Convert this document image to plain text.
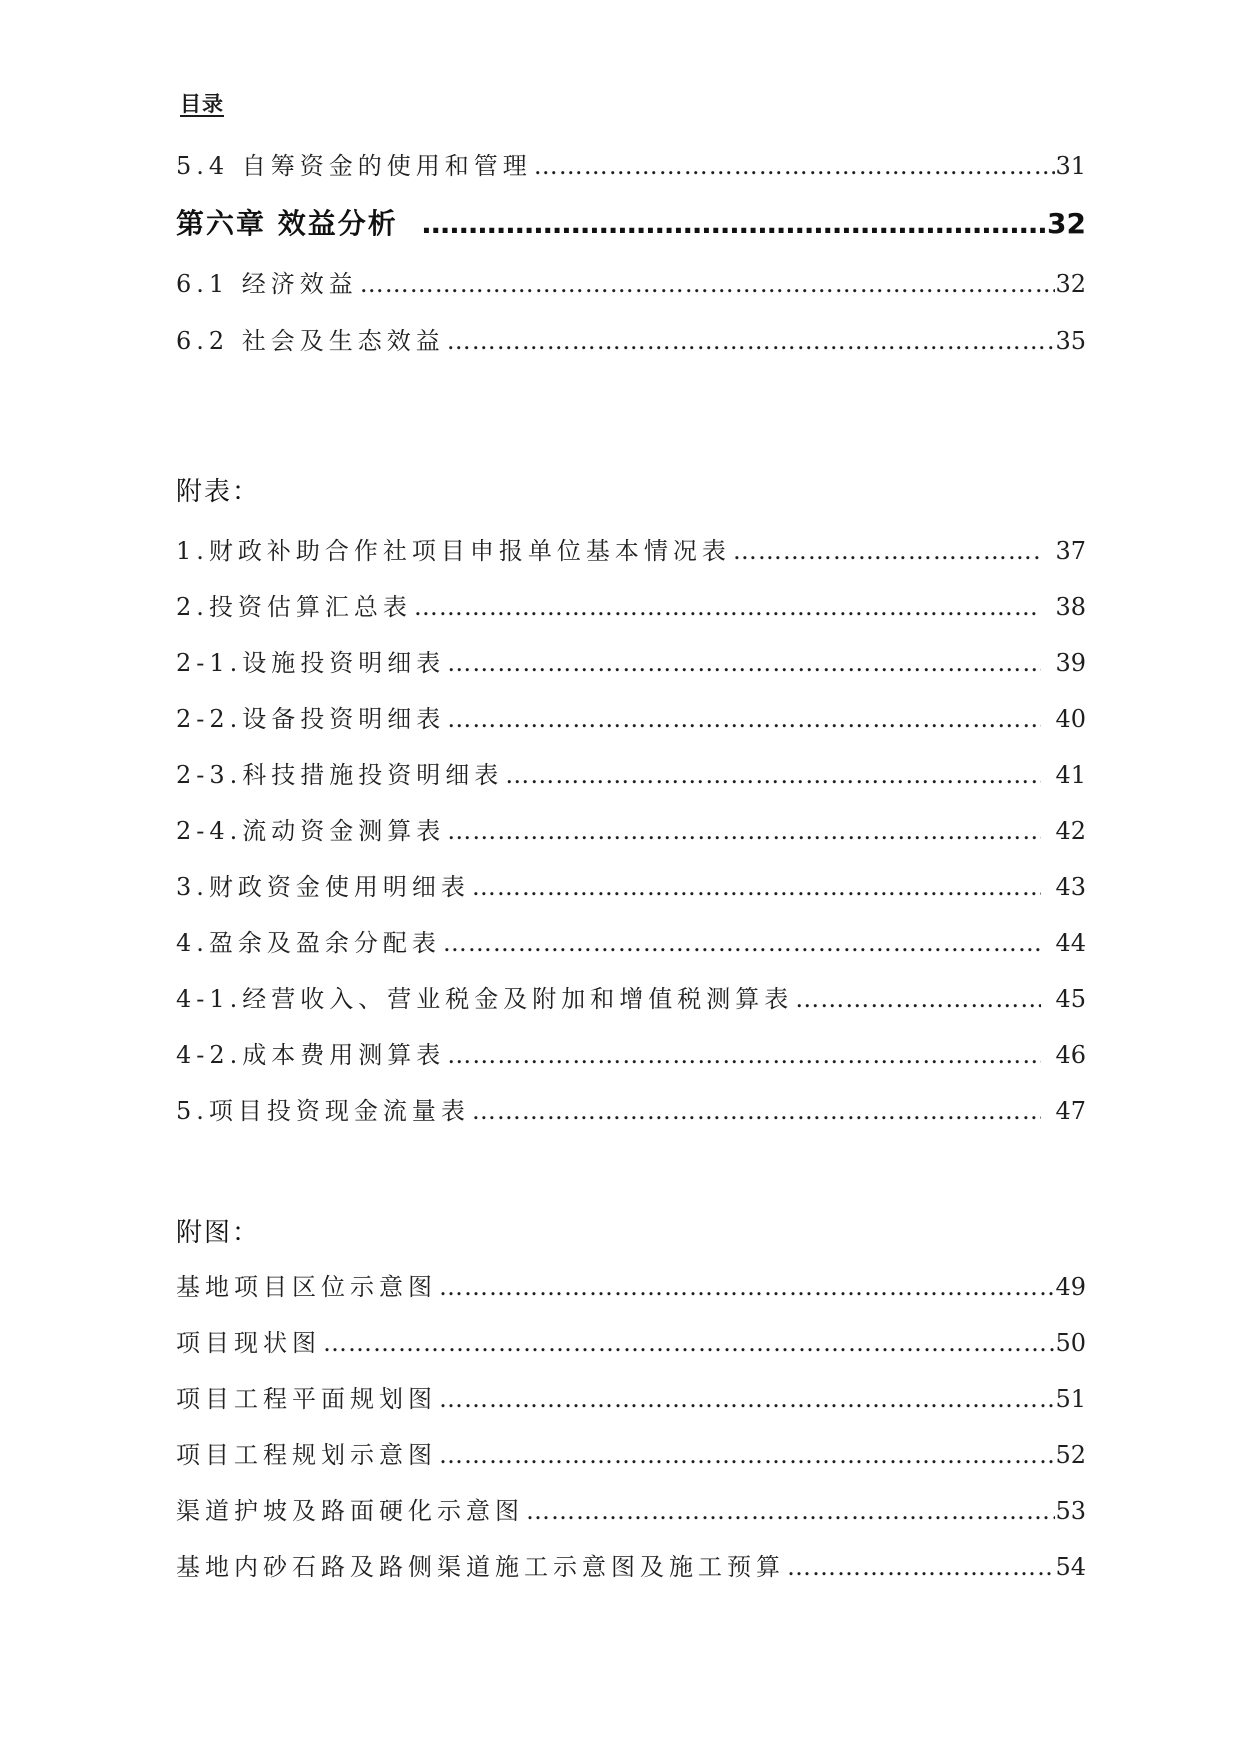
目录
5.4 自筹资金的使用和管理 …………………………………………………………………………………………………………………………………………………………………………………………	31
第六章 效益分析 …………………………………………………………………………………………………………………………………………………………………………………………	32
6.1 经济效益 …………………………………………………………………………………………………………………………………………………………………………………………	32
6.2 社会及生态效益 …………………………………………………………………………………………………………………………………………………………………………………………	35
附表：
1.财政补助合作社项目申报单位基本情况表 …………………………………………………………………………………………………………………………………………………………………………………………	37
2.投资估算汇总表 …………………………………………………………………………………………………………………………………………………………………………………………	38
2-1.设施投资明细表 …………………………………………………………………………………………………………………………………………………………………………………………	39
2-2.设备投资明细表 …………………………………………………………………………………………………………………………………………………………………………………………	40
2-3.科技措施投资明细表 …………………………………………………………………………………………………………………………………………………………………………………………	41
2-4.流动资金测算表 …………………………………………………………………………………………………………………………………………………………………………………………	42
3.财政资金使用明细表 …………………………………………………………………………………………………………………………………………………………………………………………	43
4.盈余及盈余分配表 …………………………………………………………………………………………………………………………………………………………………………………………	44
4-1.经营收入、营业税金及附加和增值税测算表 …………………………………………………………………………………………………………………………………………………………………………………………	45
4-2.成本费用测算表 …………………………………………………………………………………………………………………………………………………………………………………………	46
5.项目投资现金流量表 …………………………………………………………………………………………………………………………………………………………………………………………	47
附图：
基地项目区位示意图 …………………………………………………………………………………………………………………………………………………………………………………………	49
项目现状图 …………………………………………………………………………………………………………………………………………………………………………………………	50
项目工程平面规划图 …………………………………………………………………………………………………………………………………………………………………………………………	51
项目工程规划示意图 …………………………………………………………………………………………………………………………………………………………………………………………	52
渠道护坡及路面硬化示意图 …………………………………………………………………………………………………………………………………………………………………………………………	53
基地内砂石路及路侧渠道施工示意图及施工预算 …………………………………………………………………………………………………………………………………………………………………………………………	54
